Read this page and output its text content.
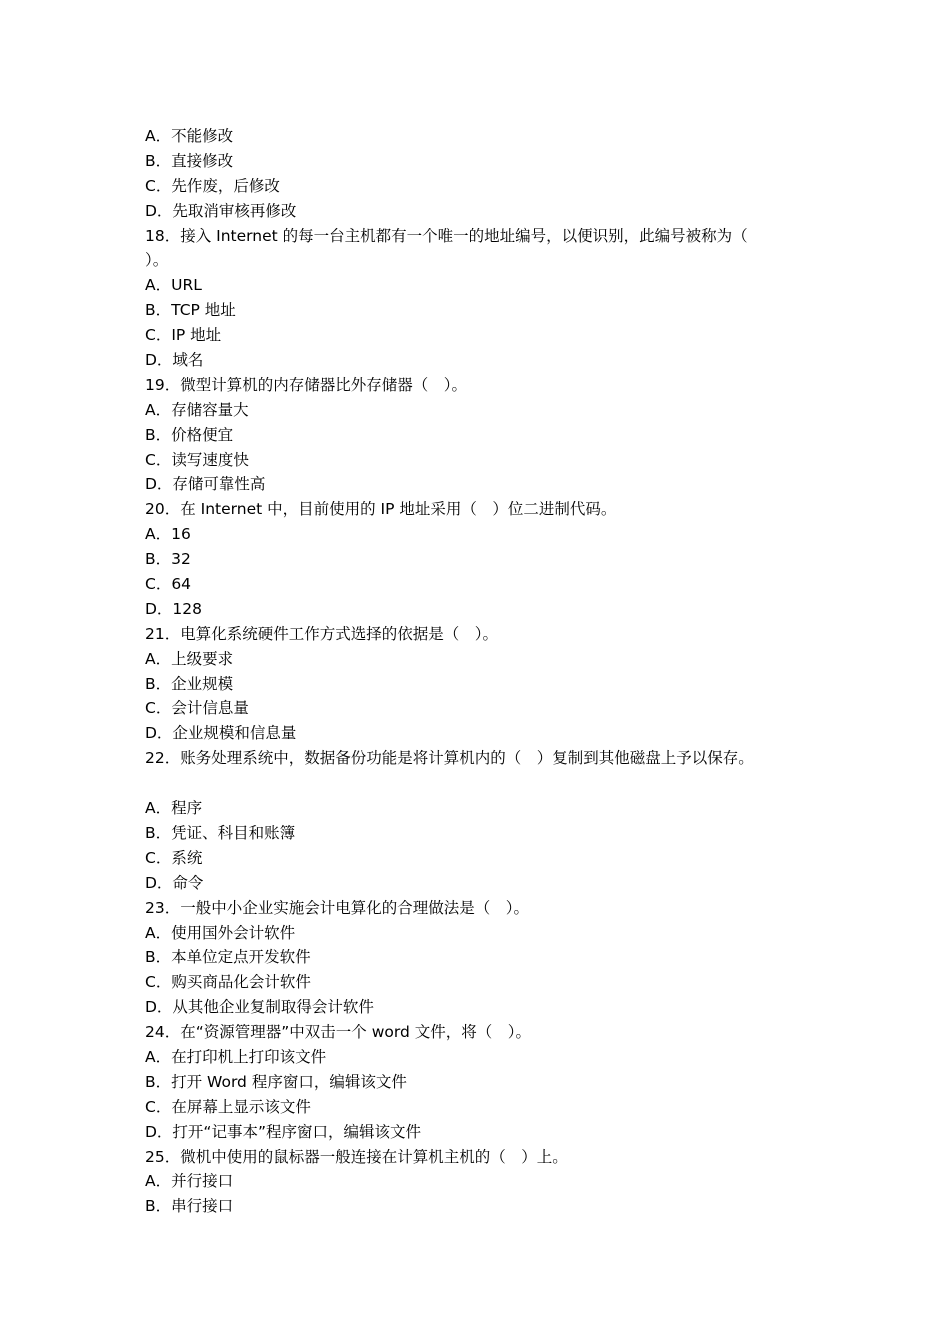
A．不能修改
B．直接修改
C．先作废，后修改
D．先取消审核再修改
18．接入 Internet 的每一台主机都有一个唯一的地址编号，以便识别，此编号被称为（
）。
A．URL
B．TCP 地址
C．IP 地址
D．域名
19．微型计算机的内存储器比外存储器（　）。
A．存储容量大
B．价格便宜
C．读写速度快
D．存储可靠性高
20．在 Internet 中，目前使用的 IP 地址采用（　）位二进制代码。
A．16
B．32
C．64
D．128
21．电算化系统硬件工作方式选择的依据是（　）。
A．上级要求
B．企业规模
C．会计信息量
D．企业规模和信息量
22．账务处理系统中，数据备份功能是将计算机内的（　）复制到其他磁盘上予以保存。
A．程序
B．凭证、科目和账簿
C．系统
D．命令
23．一般中小企业实施会计电算化的合理做法是（　）。
A．使用国外会计软件
B．本单位定点开发软件
C．购买商品化会计软件
D．从其他企业复制取得会计软件
24．在“资源管理器”中双击一个 word 文件，将（　）。
A．在打印机上打印该文件
B．打开 Word 程序窗口，编辑该文件
C．在屏幕上显示该文件
D．打开“记事本”程序窗口，编辑该文件
25．微机中使用的鼠标器一般连接在计算机主机的（　）上。
A．并行接口
B．串行接口
